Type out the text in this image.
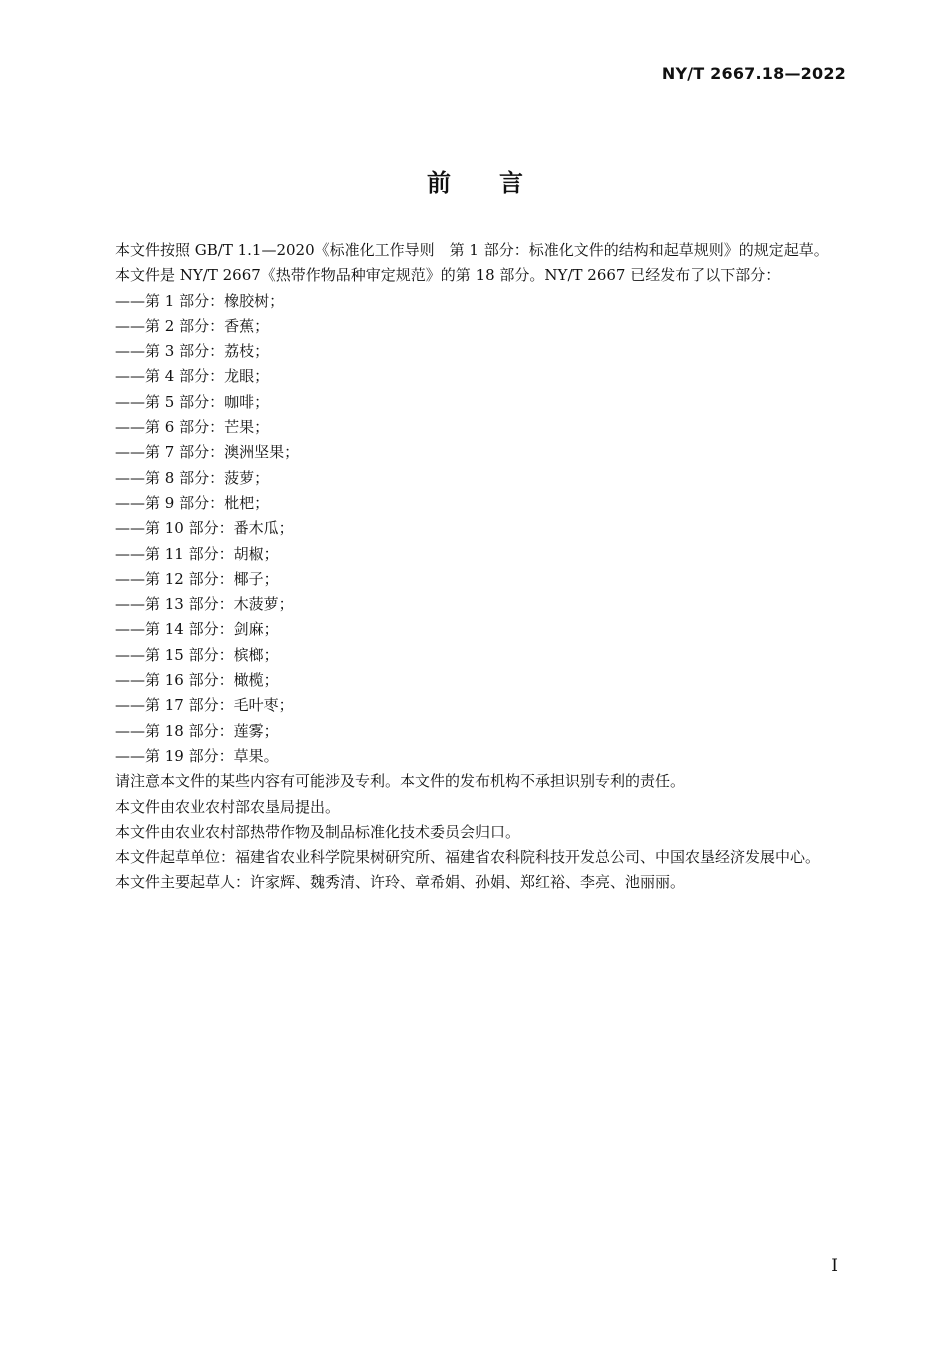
NY/T 2667.18—2022
前言

本文件按照 GB/T 1.1—2020《标准化工作导则　第 1 部分：标准化文件的结构和起草规则》的规定起草。

本文件是 NY/T 2667《热带作物品种审定规范》的第 18 部分。NY/T 2667 已经发布了以下部分：

——第 1 部分：橡胶树；
——第 2 部分：香蕉；
——第 3 部分：荔枝；
——第 4 部分：龙眼；
——第 5 部分：咖啡；
——第 6 部分：芒果；
——第 7 部分：澳洲坚果；
——第 8 部分：菠萝；
——第 9 部分：枇杷；
——第 10 部分：番木瓜；
——第 11 部分：胡椒；
——第 12 部分：椰子；
——第 13 部分：木菠萝；
——第 14 部分：剑麻；
——第 15 部分：槟榔；
——第 16 部分：橄榄；
——第 17 部分：毛叶枣；
——第 18 部分：莲雾；
——第 19 部分：草果。

请注意本文件的某些内容有可能涉及专利。本文件的发布机构不承担识别专利的责任。

本文件由农业农村部农垦局提出。

本文件由农业农村部热带作物及制品标准化技术委员会归口。

本文件起草单位：福建省农业科学院果树研究所、福建省农科院科技开发总公司、中国农垦经济发展中心。

本文件主要起草人：许家辉、魏秀清、许玲、章希娟、孙娟、郑红裕、李亮、池丽丽。

I
